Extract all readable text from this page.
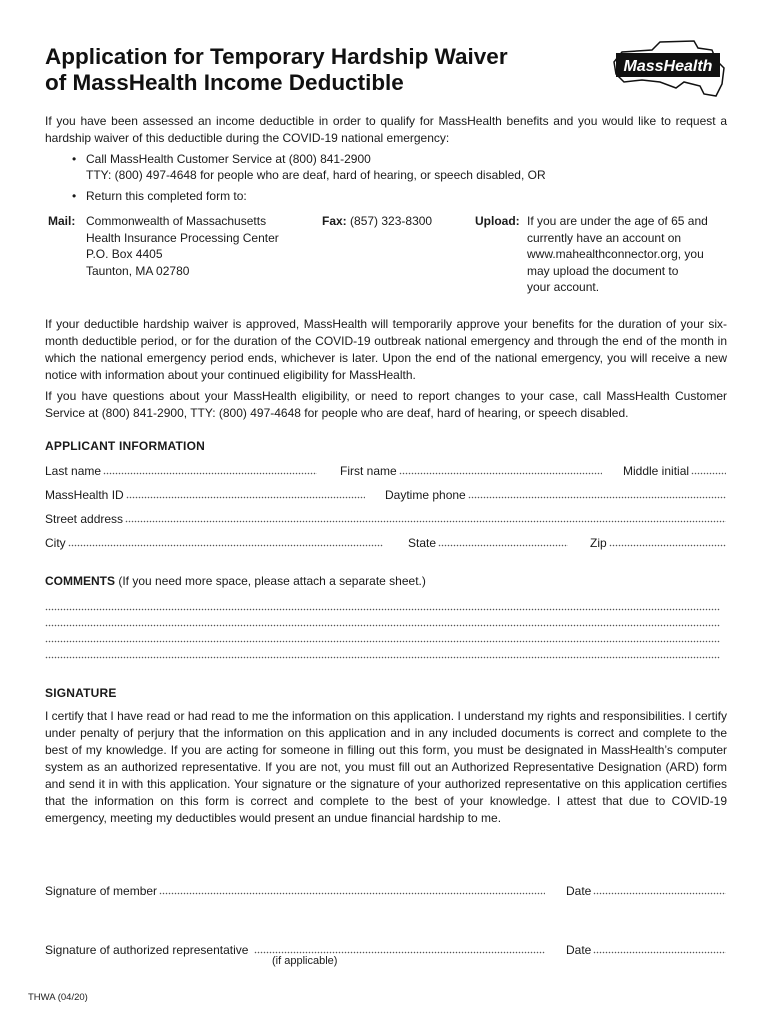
Application for Temporary Hardship Waiver
of MassHealth Income Deductible
MassHealth
If you have been assessed an income deductible in order to qualify for MassHealth benefits and you would like to request a hardship waiver of this deductible during the COVID-19 national emergency:
• Call MassHealth Customer Service at (800) 841-2900
TTY: (800) 497-4648 for people who are deaf, hard of hearing, or speech disabled, OR
• Return this completed form to:
Mail: Commonwealth of Massachusetts
Health Insurance Processing Center
P.O. Box 4405
Taunton, MA 02780
Fax: (857) 323-8300	Upload: If you are under the age of 65 and
currently have an account on
www.mahealthconnector.org, you
may upload the document to
your account.
If your deductible hardship waiver is approved, MassHealth will temporarily approve your benefits for the duration of your six-month deductible period, or for the duration of the COVID-19 outbreak national emergency and through the end of the month in which the national emergency period ends, whichever is later. Upon the end of the national emergency, you will receive a new notice with information about your continued eligibility for MassHealth.
If you have questions about your MassHealth eligibility, or need to report changes to your case, call MassHealth Customer Service at (800) 841-2900, TTY: (800) 497-4648 for people who are deaf, hard of hearing, or speech disabled.
APPLICANT INFORMATION
Last name	First name	Middle initial
MassHealth ID	Daytime phone
Street address
City	State	Zip
COMMENTS (If you need more space, please attach a separate sheet.)
SIGNATURE
I certify that I have read or had read to me the information on this application. I understand my rights and responsibilities. I certify under penalty of perjury that the information on this application and in any included documents is correct and complete to the best of my knowledge. If you are acting for someone in filling out this form, you must be designated in MassHealth’s computer system as an authorized representative. If you are not, you must fill out an Authorized Representative Designation (ARD) form and send it in with this application. Your signature or the signature of your authorized representative on this application certifies that the information on this form is correct and complete to the best of your knowledge. I attest that due to COVID-19 emergency, meeting my deductibles would present an undue financial hardship to me.
Signature of member	Date
Signature of authorized representative
(if applicable)
Date
THWA (04/20)
